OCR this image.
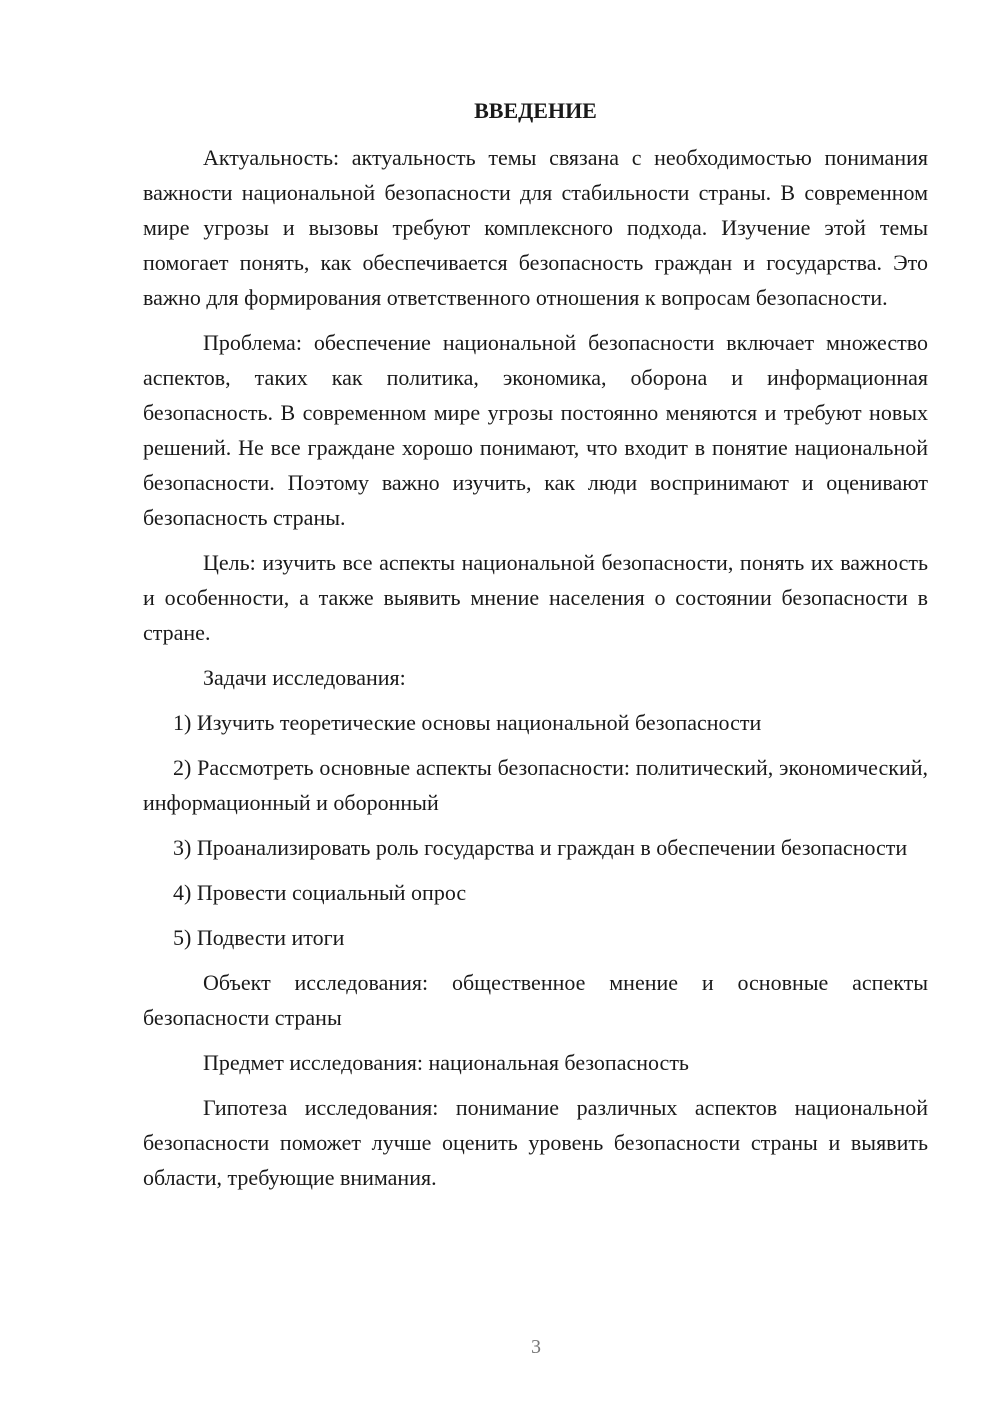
ВВЕДЕНИЕ

Актуальность: актуальность темы связана с необходимостью понимания важности национальной безопасности для стабильности страны. В современном мире угрозы и вызовы требуют комплексного подхода. Изучение этой темы помогает понять, как обеспечивается безопасность граждан и государства. Это важно для формирования ответственного отношения к вопросам безопасности.

Проблема: обеспечение национальной безопасности включает множество аспектов, таких как политика, экономика, оборона и информационная безопасность. В современном мире угрозы постоянно меняются и требуют новых решений. Не все граждане хорошо понимают, что входит в понятие национальной безопасности. Поэтому важно изучить, как люди воспринимают и оценивают безопасность страны.

Цель: изучить все аспекты национальной безопасности, понять их важность и особенности, а также выявить мнение населения о состоянии безопасности в стране.

Задачи исследования:

1) Изучить теоретические основы национальной безопасности

2) Рассмотреть основные аспекты безопасности: политический, экономический, информационный и оборонный

3) Проанализировать роль государства и граждан в обеспечении безопасности

4) Провести социальный опрос

5) Подвести итоги

Объект исследования: общественное мнение и основные аспекты безопасности страны

Предмет исследования: национальная безопасность

Гипотеза исследования: понимание различных аспектов национальной безопасности поможет лучше оценить уровень безопасности страны и выявить области, требующие внимания.

3
